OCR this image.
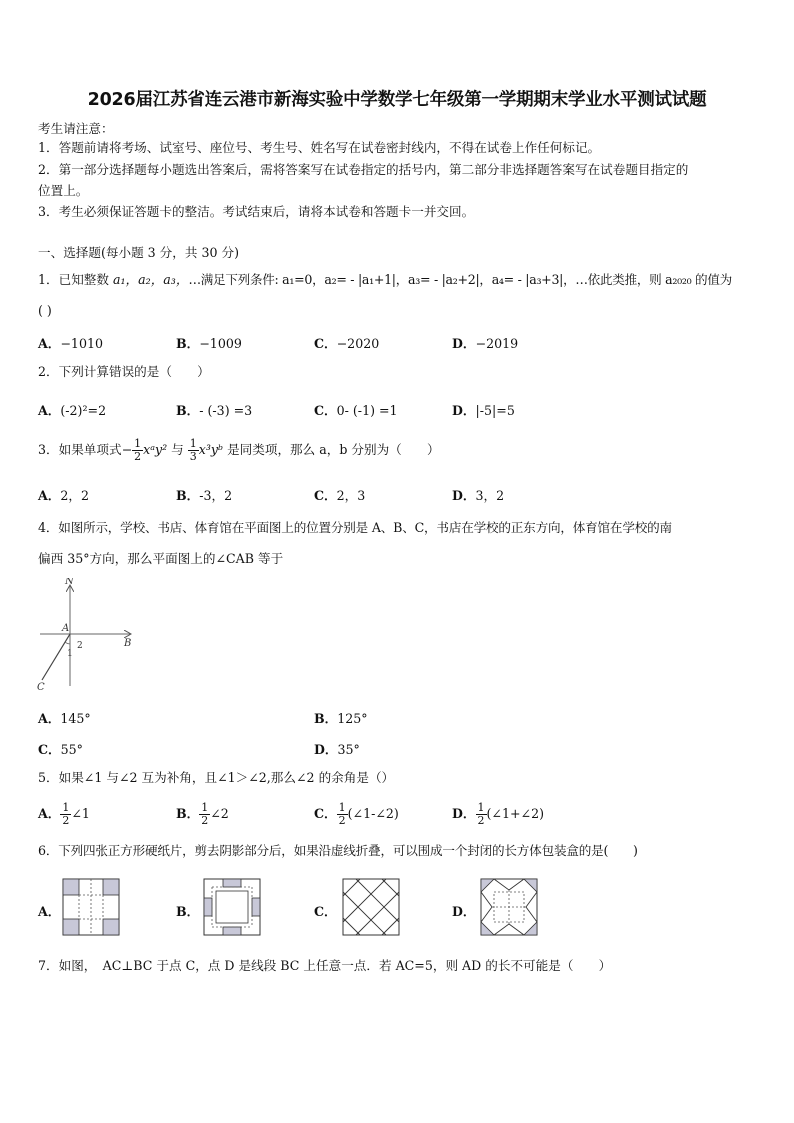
2026届江苏省连云港市新海实验中学数学七年级第一学期期末学业水平测试试题
考生请注意：
1．答题前请将考场、试室号、座位号、考生号、姓名写在试卷密封线内，不得在试卷上作任何标记。
2．第一部分选择题每小题选出答案后，需将答案写在试卷指定的括号内，第二部分非选择题答案写在试卷题目指定的
位置上。
3．考生必须保证答题卡的整洁。考试结束后，请将本试卷和答题卡一并交回。
一、选择题(每小题 3 分，共 30 分)
1．已知整数 a₁，a₂，a₃，…满足下列条件: a₁=0，a₂= - |a₁+1|，a₃= - |a₂+2|，a₄= - |a₃+3|，…依此类推，则 a₂₀₂₀ 的值为
( )
A．−1010	B．−1009	C．−2020	D．−2019
2．下列计算错误的是（　　）
A．(-2)²=2	B．- (-3) =3	C．0- (-1) =1	D．|-5|=5
3．如果单项式− $\frac{1}{2}$ xᵃy² 与 $\frac{1}{3}$ x³yᵇ 是同类项，那么 a，b 分别为（　　）
A．2，2	B．-3，2	C．2，3	D．3，2
4．如图所示，学校、书店、体育馆在平面图上的位置分别是 A、B、C，书店在学校的正东方向，体育馆在学校的南
偏西 35°方向，那么平面图上的∠CAB 等于
N
A
B
C
1
2
A．145°	B．125°
C．55°	D．35°
5．如果∠1 与∠2 互为补角，且∠1＞∠2,那么∠2 的余角是（）
A． $\frac{1}{2}$ ∠1	B． $\frac{1}{2}$ ∠2	C． $\frac{1}{2}$ (∠1-∠2)	D． $\frac{1}{2}$ (∠1+∠2)
6．下列四张正方形硬纸片，剪去阴影部分后，如果沿虚线折叠，可以围成一个封闭的长方体包装盒的是(　　)
A．	B．	C．	D．
7．如图，　AC⊥BC 于点 C，点 D 是线段 BC 上任意一点．若 AC=5，则 AD 的长不可能是（　　）
